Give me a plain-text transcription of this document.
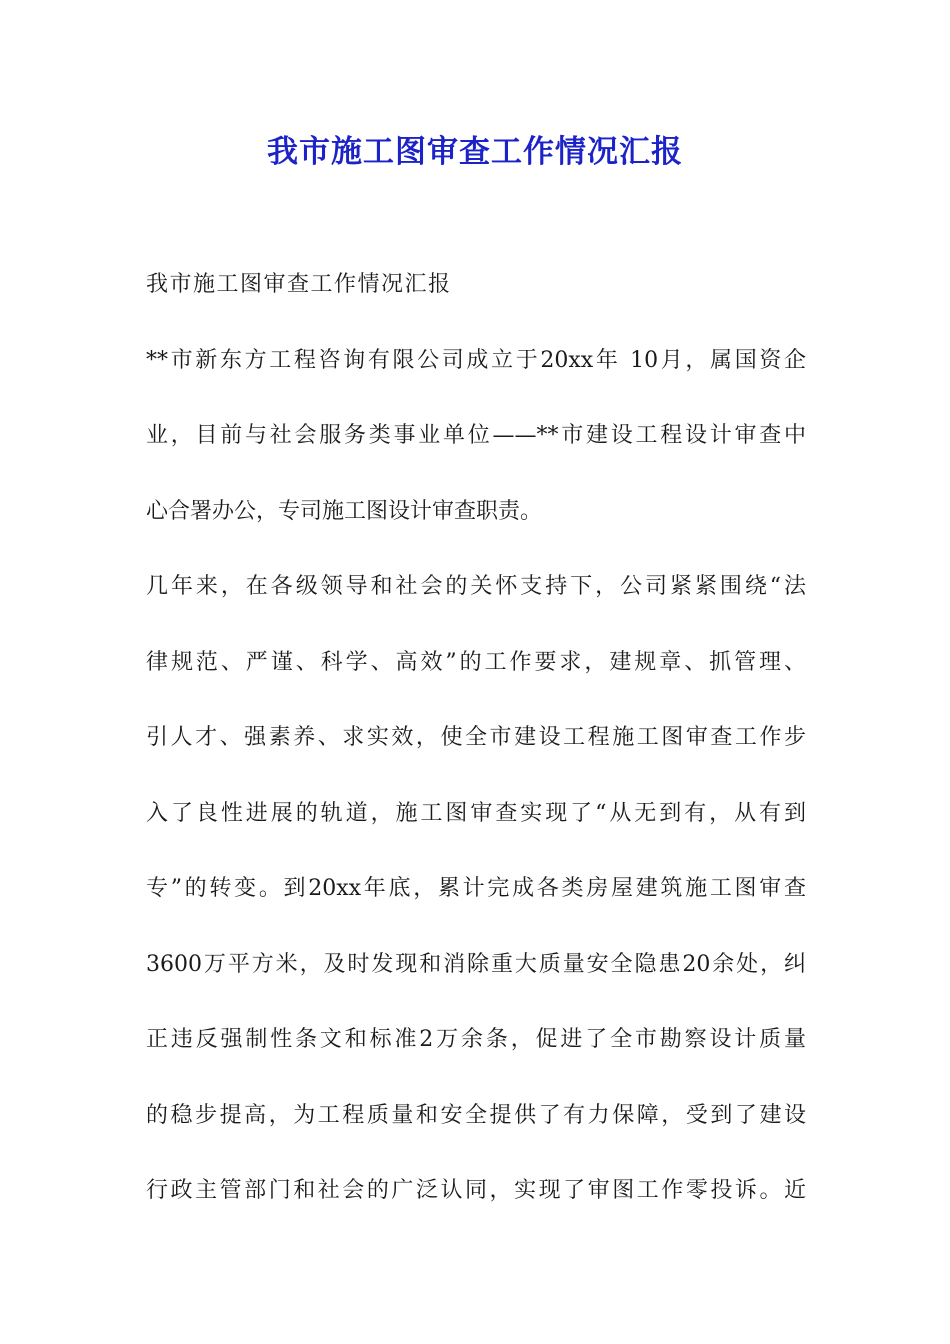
我市施工图审查工作情况汇报
我市施工图审查工作情况汇报
**市新东方工程咨询有限公司成立于20xx年 10月，属国资企
业，目前与社会服务类事业单位——**市建设工程设计审查中
心合署办公，专司施工图设计审查职责。
几年来，在各级领导和社会的关怀支持下，公司紧紧围绕“法
律规范、严谨、科学、高效”的工作要求，建规章、抓管理、
引人才、强素养、求实效，使全市建设工程施工图审查工作步
入了良性进展的轨道，施工图审查实现了“从无到有，从有到
专”的转变。到20xx年底，累计完成各类房屋建筑施工图审查
3600万平方米，及时发现和消除重大质量安全隐患20余处，纠
正违反强制性条文和标准2万余条，促进了全市勘察设计质量
的稳步提高，为工程质量和安全提供了有力保障，受到了建设
行政主管部门和社会的广泛认同，实现了审图工作零投诉。近
